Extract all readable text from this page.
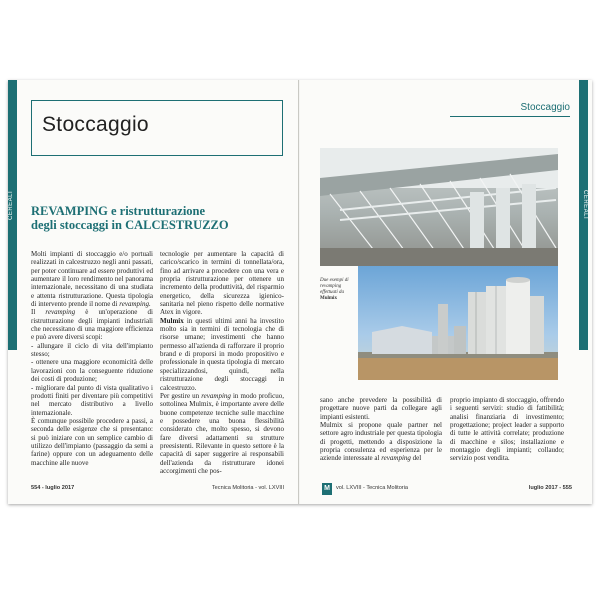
CEREALI
Stoccaggio
REVAMPING e ristrutturazione
degli stoccaggi in CALCESTRUZZO

Molti impianti di stoccaggio e/o portuali realizzati in calcestruzzo negli anni passati, per poter continuare ad essere produttivi ed aumentare il loro rendimento nel panorama internazionale, necessitano di una studiata e attenta ristrutturazione. Questa tipologia di intervento prende il nome di revamping.

Il revamping è un'operazione di ristrutturazione degli impianti industriali che necessitano di una maggiore efficienza e può avere diversi scopi:

- allungare il ciclo di vita dell'impianto stesso;

- ottenere una maggiore economicità delle lavorazioni con la conseguente riduzione dei costi di produzione;

- migliorare dal punto di vista qualitativo i prodotti finiti per diventare più competitivi nel mercato distributivo a livello internazionale.

È comunque possibile procedere a passi, a seconda delle esigenze che si presentano: si può iniziare con un semplice cambio di utilizzo dell'impianto (passaggio da semi a farine) oppure con un adeguamento delle macchine alle nuove

tecnologie per aumentare la capacità di carico/scarico in termini di tonnellata/ora, fino ad arrivare a procedere con una vera e propria ristrutturazione per ottenere un incremento della produttività, del risparmio energetico, della sicurezza igienico-sanitaria nel pieno rispetto delle normative Atex in vigore.

Mulmix in questi ultimi anni ha investito molto sia in termini di tecnologia che di risorse umane; investimenti che hanno permesso all'azienda di rafforzare il proprio brand e di proporsi in modo propositivo e professionale in questa tipologia di mercato specializzandosi, quindi, nella ristrutturazione degli stoccaggi in calcestruzzo.

Per gestire un revamping in modo proficuo, sottolinea Mulmix, è importante avere delle buone competenze tecniche sulle macchine e possedere una buona flessibilità considerato che, molto spesso, si devono fare diversi adattamenti su strutture preesistenti. Rilevante in questo settore è la capacità di saper suggerire ai responsabili dell'azienda da ristrutturare idonei accorgimenti che pos-

554 - luglio 2017	Tecnica Molitoria - vol. LXVIII
Stoccaggio
CEREALI
Due esempi di revamping effettuati da Mulmix

sano anche prevedere la possibilità di progettare nuove parti da collegare agli impianti esistenti.

Mulmix si propone quale partner nel settore agro industriale per questa tipologia di progetti, mettendo a disposizione la propria consulenza ed esperienza per le aziende interessate al revamping del

proprio impianto di stoccaggio, offrendo i seguenti servizi: studio di fattibilità; analisi finanziaria di investimento; progettazione; project leader a supporto di tutte le attività correlate; produzione di macchine e silos; installazione e montaggio degli impianti; collaudo; servizio post vendita.

M	vol. LXVIII - Tecnica Molitoria	luglio 2017 - 555
